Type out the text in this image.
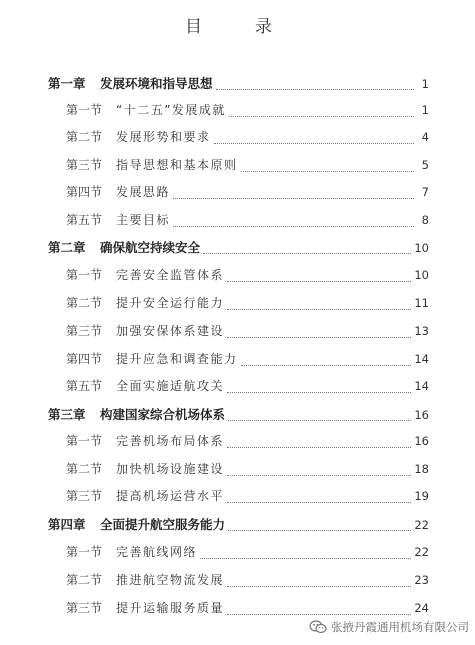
目　录
第一章	发展环境和指导思想	1
第一节	“十二五”发展成就	1
第二节	发展形势和要求	4
第三节	指导思想和基本原则	5
第四节	发展思路	7
第五节	主要目标	8
第二章	确保航空持续安全	10
第一节	完善安全监管体系	10
第二节	提升安全运行能力	11
第三节	加强安保体系建设	13
第四节	提升应急和调查能力	14
第五节	全面实施适航攻关	14
第三章	构建国家综合机场体系	16
第一节	完善机场布局体系	16
第二节	加快机场设施建设	18
第三节	提高机场运营水平	19
第四章	全面提升航空服务能力	22
第一节	完善航线网络	22
第二节	推进航空物流发展	23
第三节	提升运输服务质量	24
张掖丹霞通用机场有限公司
